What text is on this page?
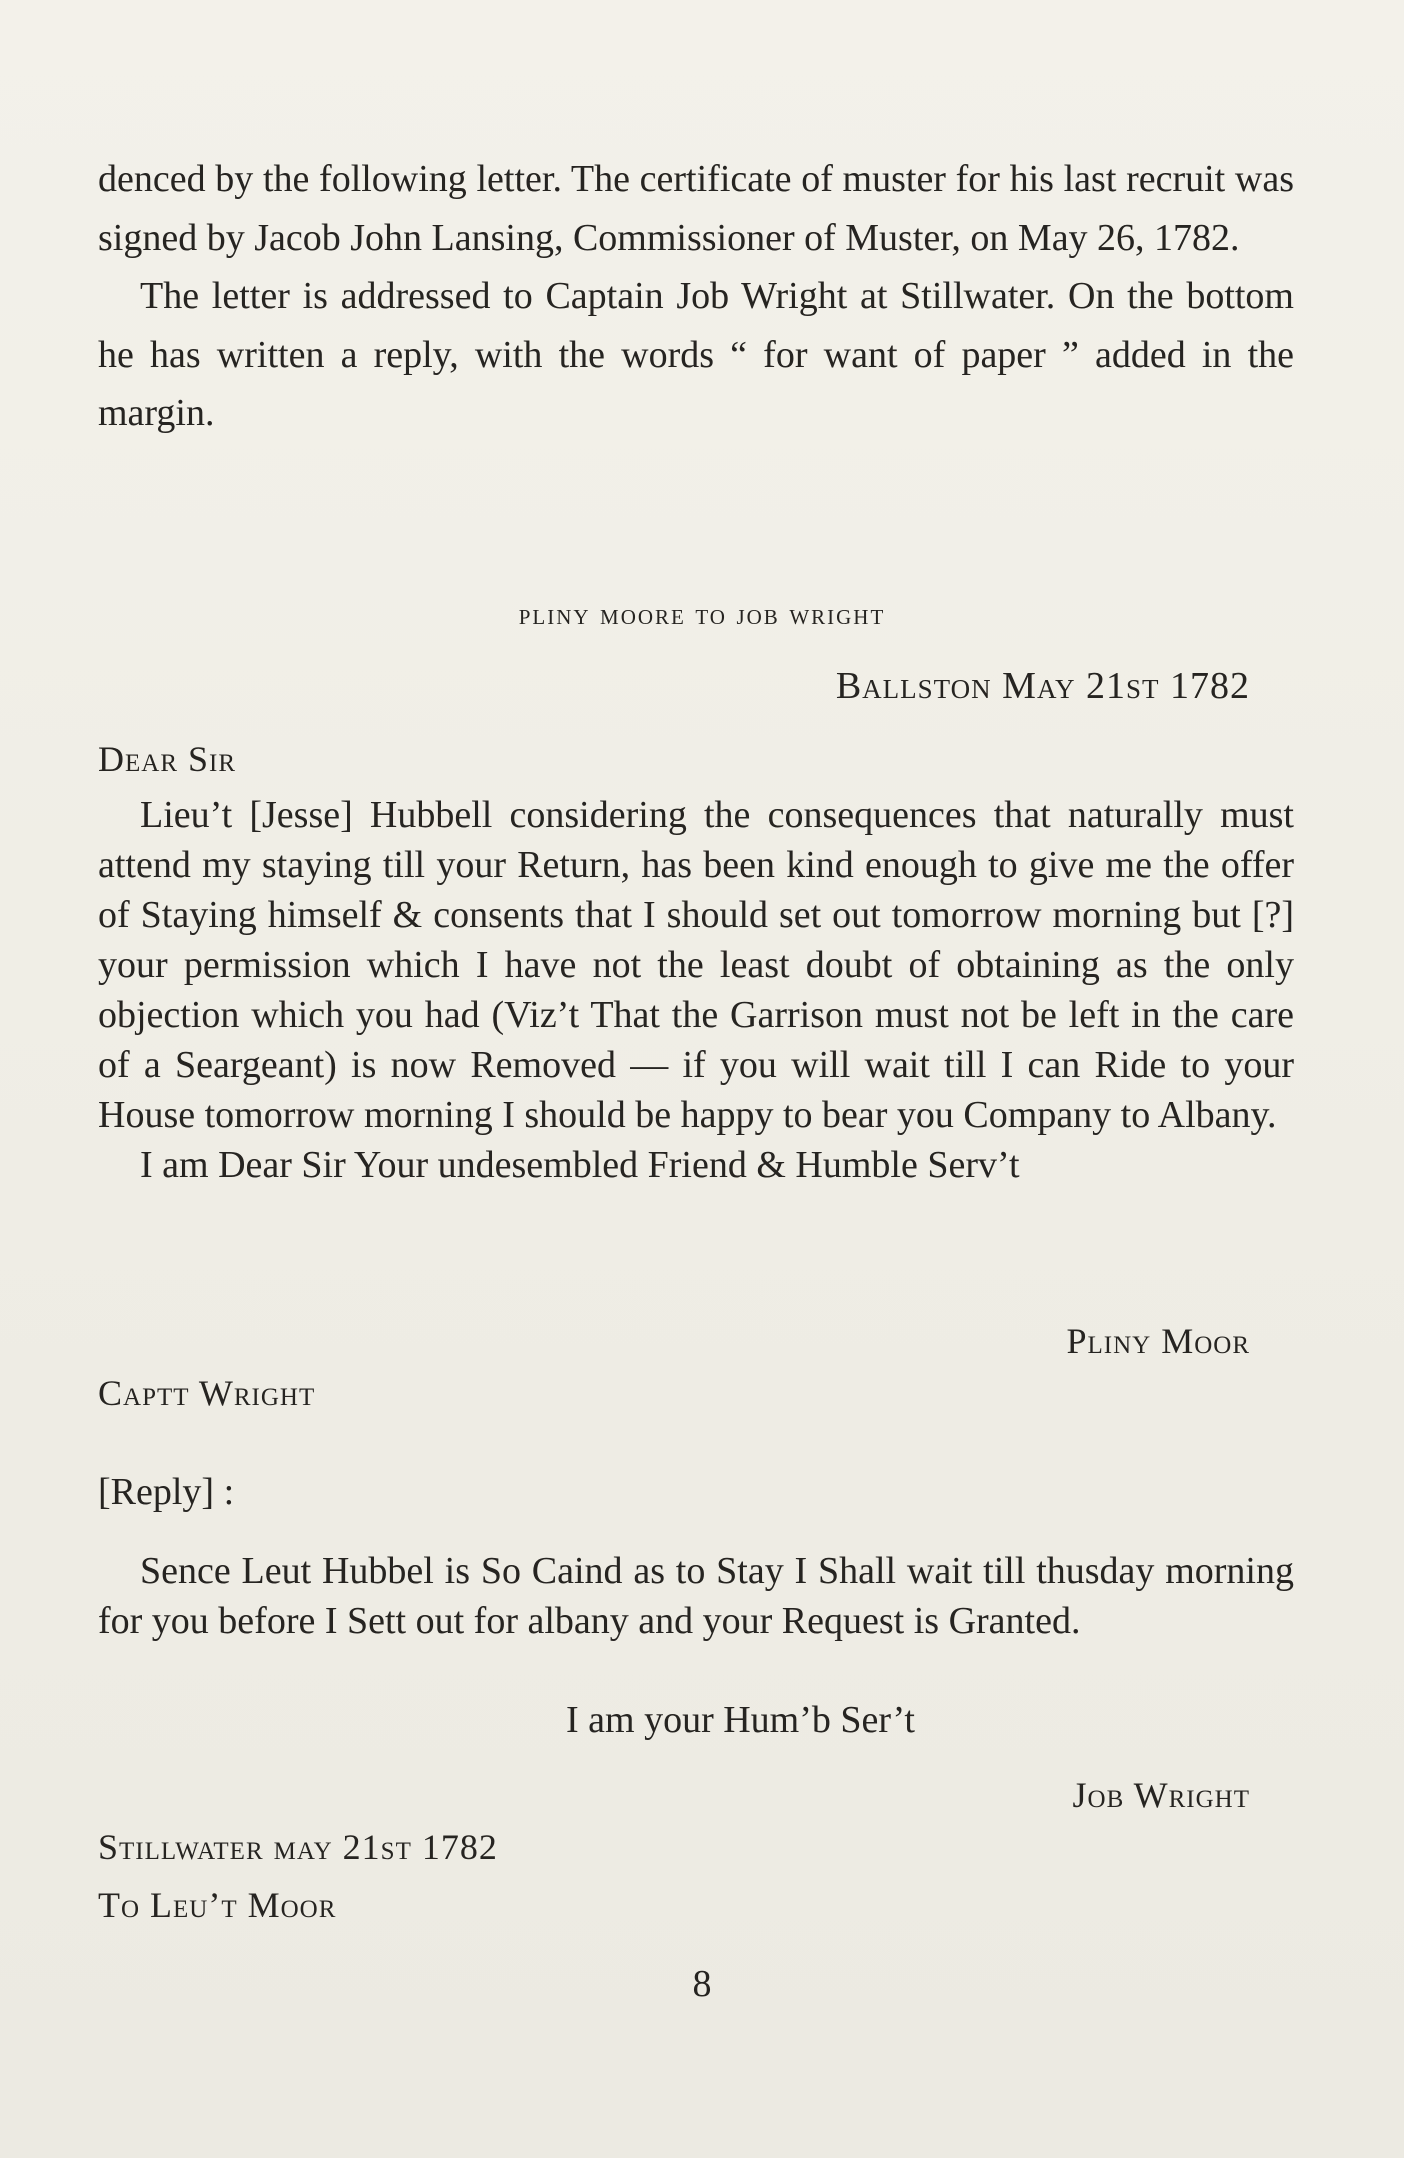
denced by the following letter. The certificate of muster for his last recruit was signed by Jacob John Lansing, Commissioner of Muster, on May 26, 1782.

The letter is addressed to Captain Job Wright at Stillwater. On the bottom he has written a reply, with the words “ for want of paper ” added in the margin.

pliny moore to job wright
Ballston May 21st 1782
Dear Sir

Lieu’t [Jesse] Hubbell considering the consequences that naturally must attend my staying till your Return, has been kind enough to give me the offer of Staying himself & consents that I should set out tomorrow morning but [?] your permission which I have not the least doubt of obtaining as the only objection which you had (Viz’t That the Garrison must not be left in the care of a Seargeant) is now Removed — if you will wait till I can Ride to your House tomorrow morning I should be happy to bear you Company to Albany.

I am Dear Sir Your undesembled Friend & Humble Serv’t

Pliny Moor
Captt Wright
[Reply] :

Sence Leut Hubbel is So Caind as to Stay I Shall wait till thusday morning for you before I Sett out for albany and your Request is Granted.

I am your Hum’b Ser’t
Job Wright
Stillwater may 21st 1782
To Leu’t Moor
8
